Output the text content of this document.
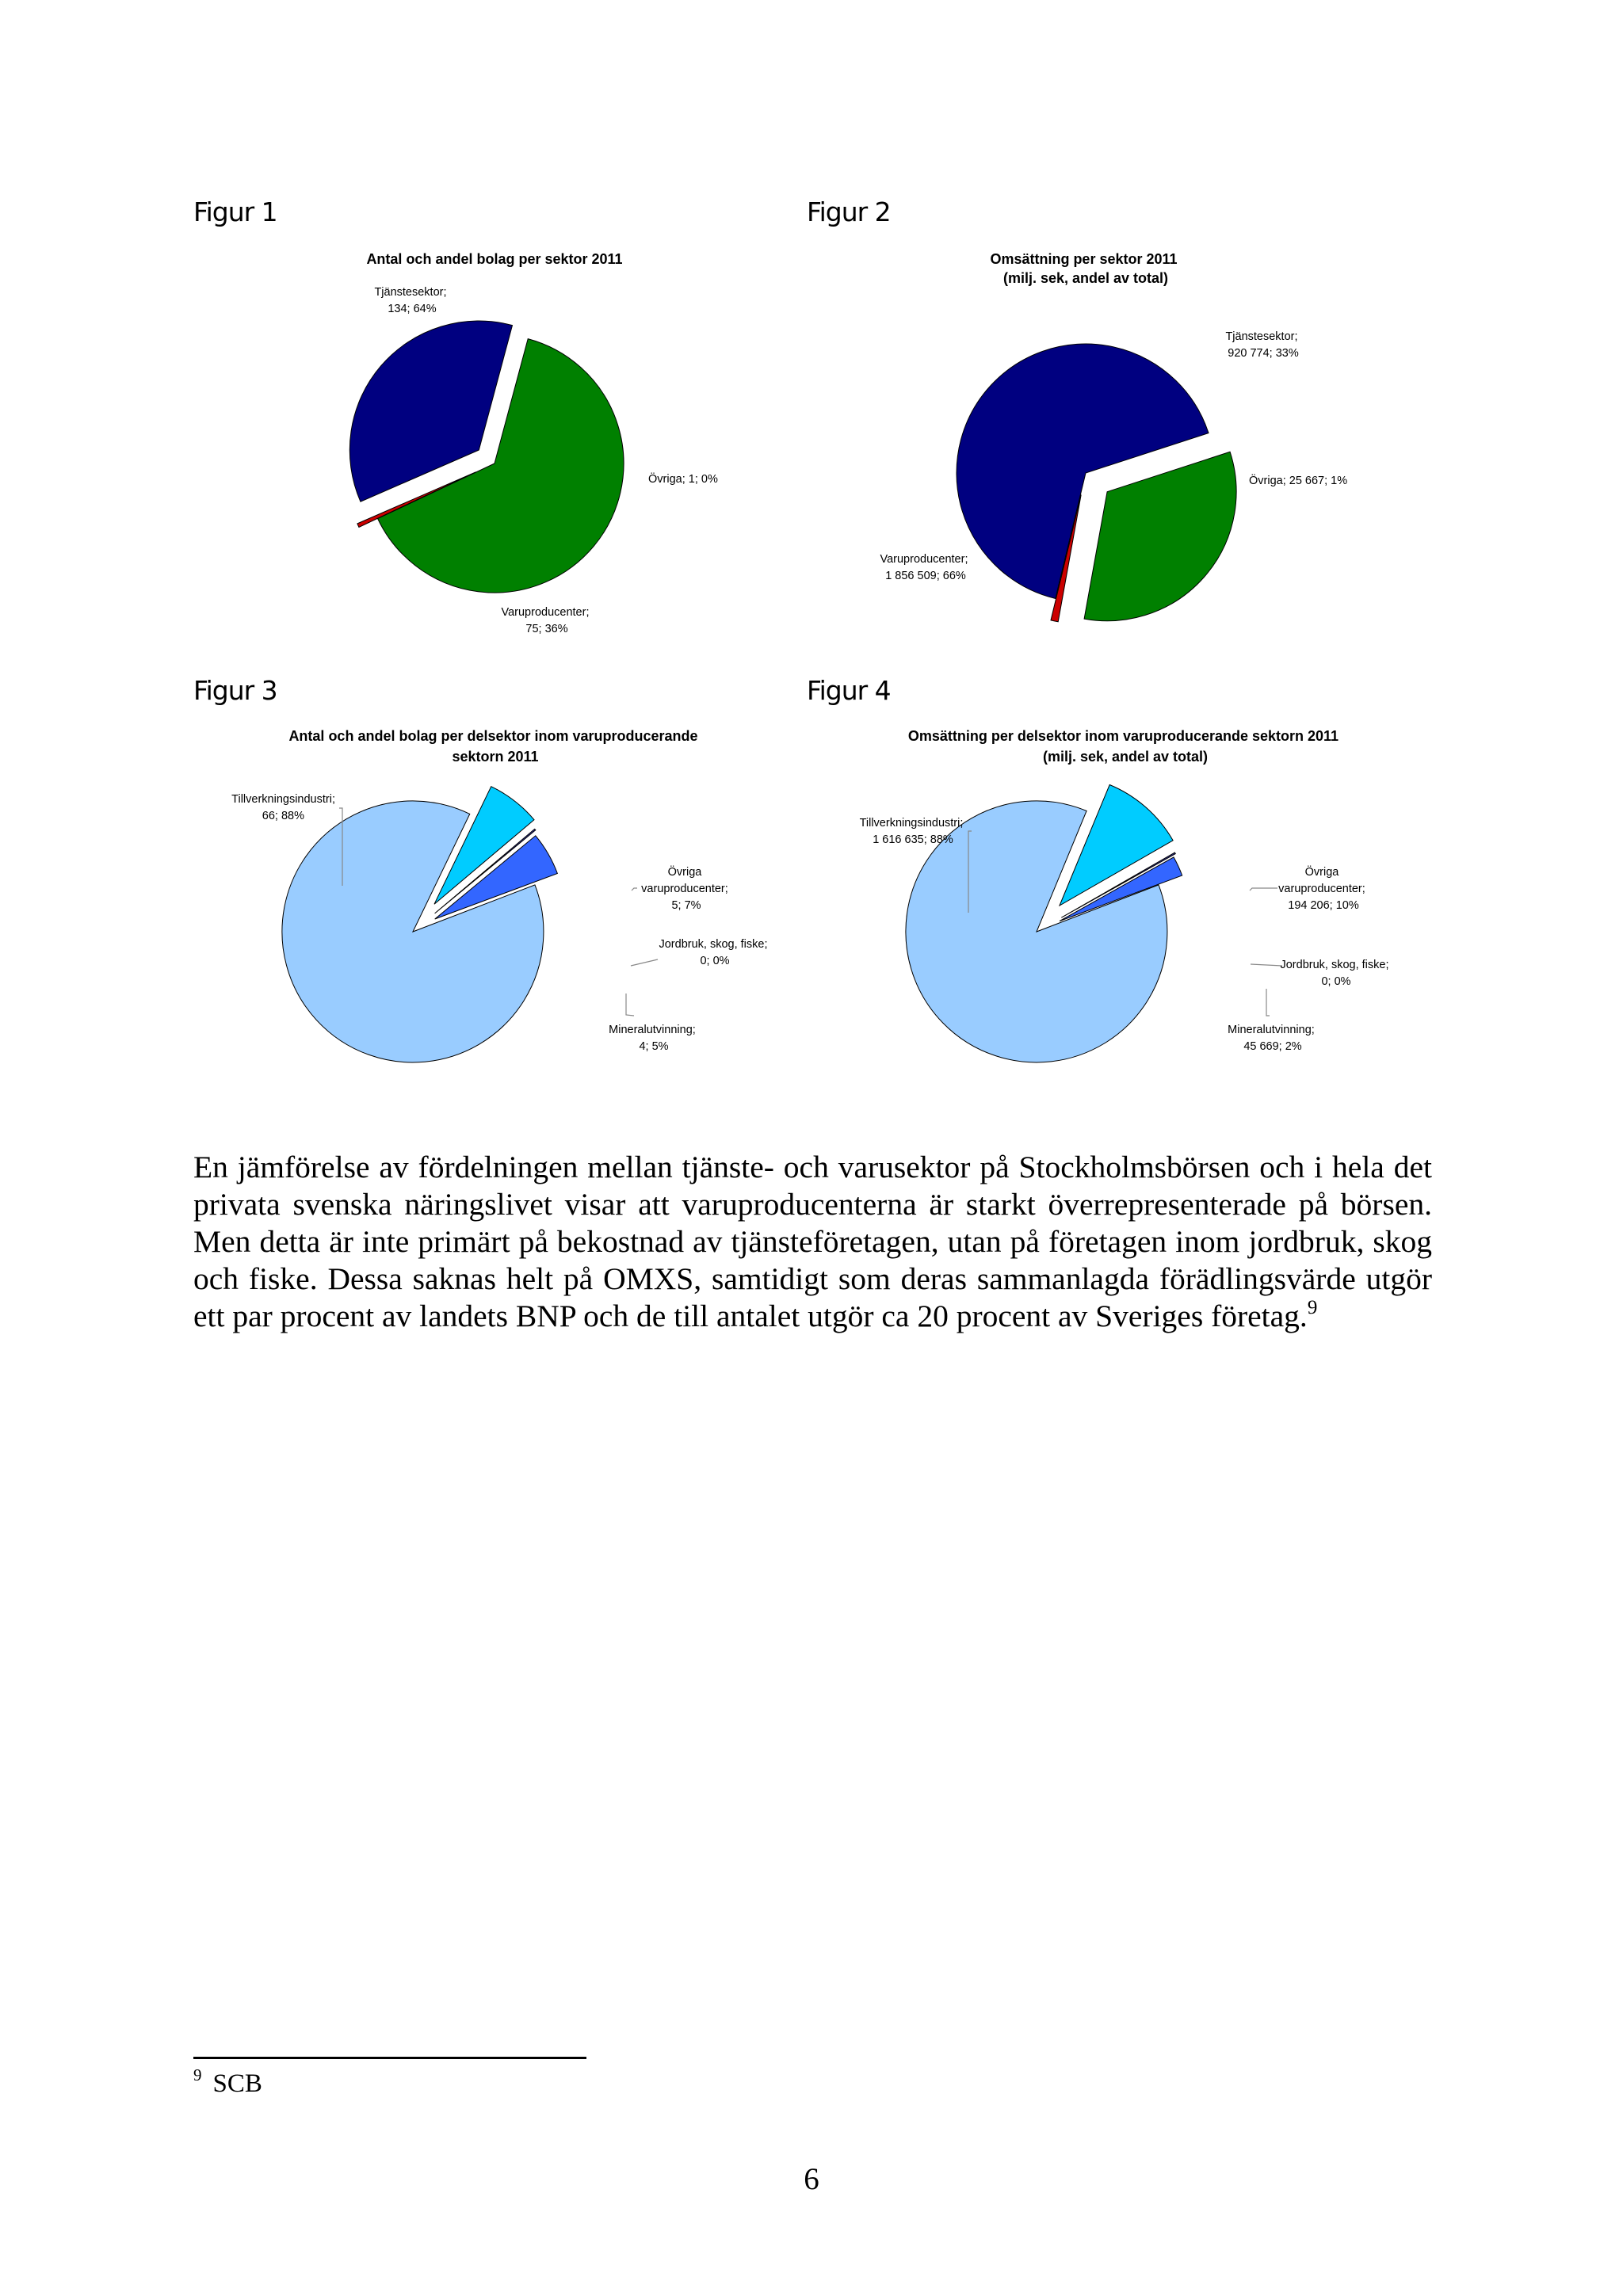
Figur 1	Figur 2
Figur 3	Figur 4
Antal och andel bolag per sektor 2011
Tjänstesektor; 134; 64%
Övriga; 1; 0%
Varuproducenter; 75; 36%
Omsättning per sektor 2011 (milj. sek, andel av total)
Tjänstesektor; 920 774; 33%
Övriga; 25 667; 1%
Varuproducenter; 1 856 509; 66%
Antal och andel bolag per delsektor inom varuproducerande sektorn 2011
Tillverkningsindustri; 66; 88%
Övriga varuproducenter; 5; 7%
Jordbruk, skog, fiske; 0; 0%
Mineralutvinning; 4; 5%
Omsättning per delsektor inom varuproducerande sektorn 2011 (milj. sek, andel av total)
Tillverkningsindustri; 1 616 635; 88%
Övriga varuproducenter; 194 206; 10%
Jordbruk, skog, fiske; 0; 0%
Mineralutvinning; 45 669; 2%

En jämförelse av fördelningen mellan tjänste- och varusektor på Stockholmsbörsen och i hela det privata svenska näringslivet visar att varuproducenterna är starkt överrepresenterade på börsen. Men detta är inte primärt på bekostnad av tjänsteföretagen, utan på företagen inom jordbruk, skog och fiske. Dessa saknas helt på OMXS, samtidigt som deras sammanlagda förädlingsvärde utgör ett par procent av landets BNP och de till antalet utgör ca 20 procent av Sveriges företag.$^9$

$^9$ SCB
6
